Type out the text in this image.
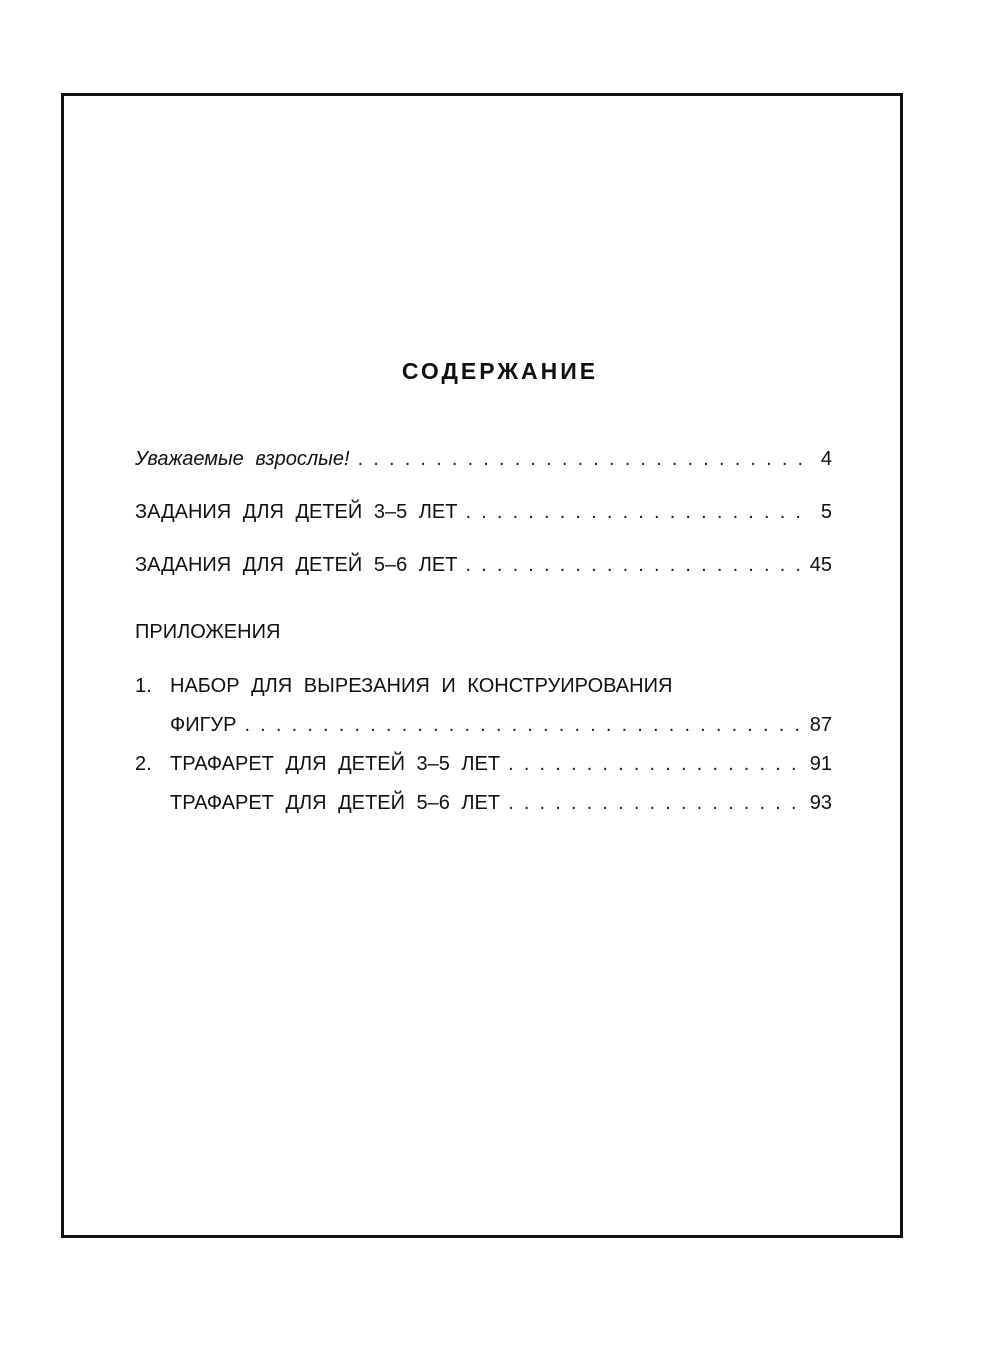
СОДЕРЖАНИЕ
Уважаемые взрослые! . . .	4
ЗАДАНИЯ ДЛЯ ДЕТЕЙ 3–5 ЛЕТ . . .	5
ЗАДАНИЯ ДЛЯ ДЕТЕЙ 5–6 ЛЕТ . . .	45
ПРИЛОЖЕНИЯ
1. НАБОР ДЛЯ ВЫРЕЗАНИЯ И КОНСТРУИРОВАНИЯ
ФИГУР . . .	87
2. ТРАФАРЕТ ДЛЯ ДЕТЕЙ 3–5 ЛЕТ . . .	91
ТРАФАРЕТ ДЛЯ ДЕТЕЙ 5–6 ЛЕТ . . .	93
